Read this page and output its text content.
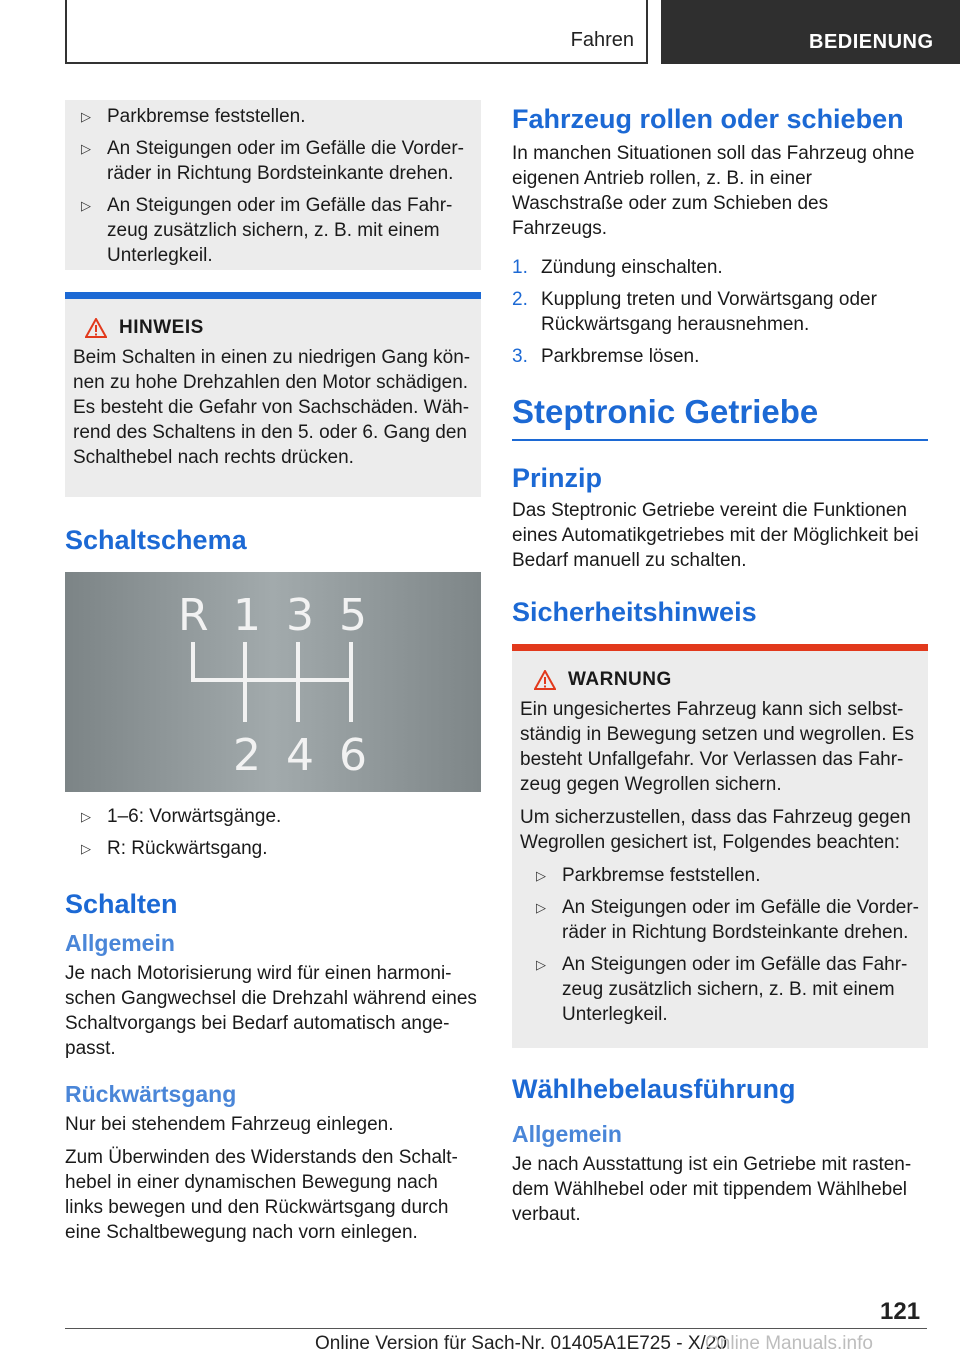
Fahren	BEDIENUNG
▷ Parkbremse feststellen.
▷ An Steigungen oder im Gefälle die Vorder‐ räder in Richtung Bordsteinkante drehen.
▷ An Steigungen oder im Gefälle das Fahr‐ zeug zusätzlich sichern, z. B. mit einem Unterlegkeil.
HINWEIS

Beim Schalten in einen zu niedrigen Gang kön‐ nen zu hohe Drehzahlen den Motor schädigen. Es besteht die Gefahr von Sachschäden. Wäh‐ rend des Schaltens in den 5. oder 6. Gang den Schalthebel nach rechts drücken.

Schaltschema
R 1 3 5
2 4 6
▷ 1–6: Vorwärtsgänge.
▷ R: Rückwärtsgang.
Schalten
Allgemein

Je nach Motorisierung wird für einen harmoni‐ schen Gangwechsel die Drehzahl während eines Schaltvorgangs bei Bedarf automatisch ange‐ passt.

Rückwärtsgang

Nur bei stehendem Fahrzeug einlegen.

Zum Überwinden des Widerstands den Schalt‐ hebel in einer dynamischen Bewegung nach links bewegen und den Rückwärtsgang durch eine Schaltbewegung nach vorn einlegen.

Fahrzeug rollen oder schieben

In manchen Situationen soll das Fahrzeug ohne eigenen Antrieb rollen, z. B. in einer Waschstraße oder zum Schieben des Fahrzeugs.

1. Zündung einschalten.
2. Kupplung treten und Vorwärtsgang oder Rückwärtsgang herausnehmen.
3. Parkbremse lösen.
Steptronic Getriebe
Prinzip

Das Steptronic Getriebe vereint die Funktionen eines Automatikgetriebes mit der Möglichkeit bei Bedarf manuell zu schalten.

Sicherheitshinweis
WARNUNG

Ein ungesichertes Fahrzeug kann sich selbst‐ ständig in Bewegung setzen und wegrollen. Es besteht Unfallgefahr. Vor Verlassen das Fahr‐ zeug gegen Wegrollen sichern.

Um sicherzustellen, dass das Fahrzeug gegen Wegrollen gesichert ist, Folgendes beachten:

▷ Parkbremse feststellen.
▷ An Steigungen oder im Gefälle die Vorder‐ räder in Richtung Bordsteinkante drehen.
▷ An Steigungen oder im Gefälle das Fahr‐ zeug zusätzlich sichern, z. B. mit einem Unterlegkeil.
Wählhebelausführung
Allgemein

Je nach Ausstattung ist ein Getriebe mit rasten‐ dem Wählhebel oder mit tippendem Wählhebel verbaut.

121
Online Version für Sach-Nr. 01405A1E725 - X/20
Online Manuals.info
